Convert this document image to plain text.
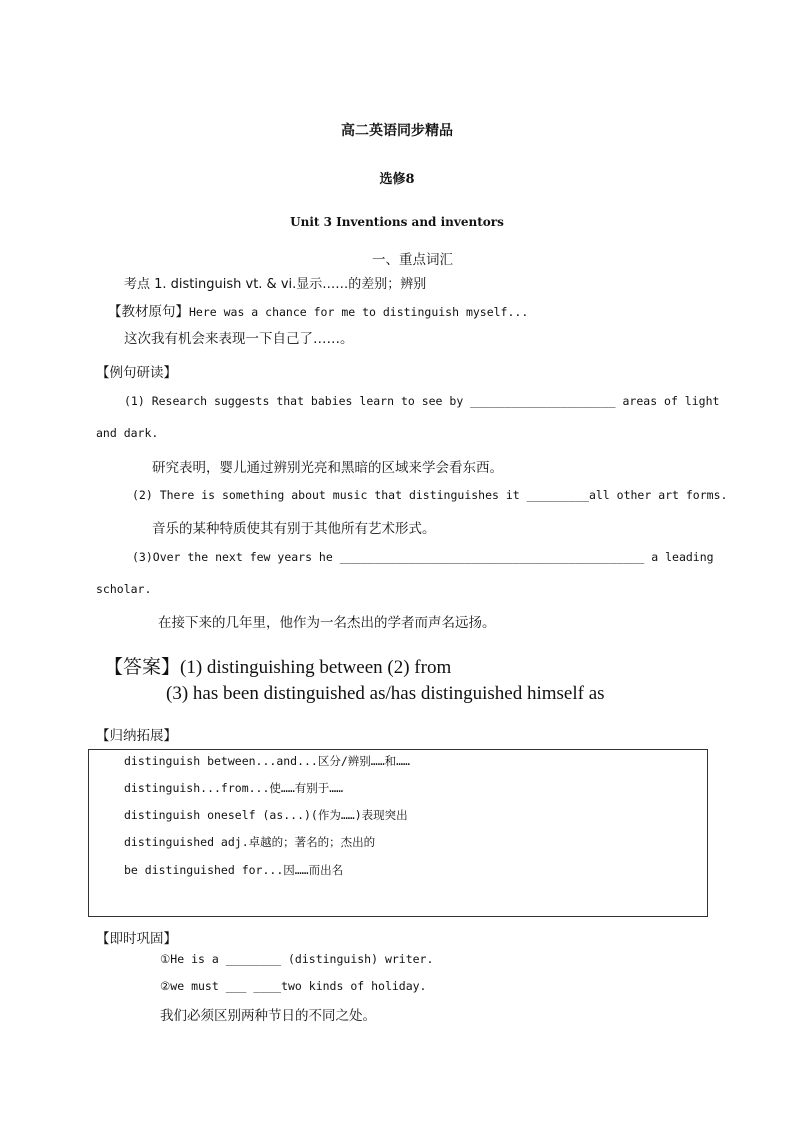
高二英语同步精品
选修8
Unit 3 Inventions and inventors
一、重点词汇
考点 1. distinguish vt. & vi.显示……的差别；辨别
【教材原句】Here was a chance for me to distinguish myself...
这次我有机会来表现一下自己了……。
【例句研读】
(1) Research suggests that babies learn to see by _____________________ areas of light
and dark.
研究表明，婴儿通过辨别光亮和黑暗的区域来学会看东西。
(2) There is something about music that distinguishes it _________all other art forms.
音乐的某种特质使其有别于其他所有艺术形式。
(3)Over the next few years he ____________________________________________ a leading
scholar.
在接下来的几年里，他作为一名杰出的学者而声名远扬。
【答案】(1) distinguishing between (2) from
(3) has been distinguished as/has distinguished himself as
【归纳拓展】
distinguish between...and...区分/辨别……和……
distinguish...from...使……有别于……
distinguish oneself (as...)(作为……)表现突出
distinguished adj.卓越的；著名的；杰出的
be distinguished for...因……而出名
【即时巩固】
①He is a ________ (distinguish) writer.
②we must ___ ____two kinds of holiday.
我们必须区别两种节日的不同之处。
